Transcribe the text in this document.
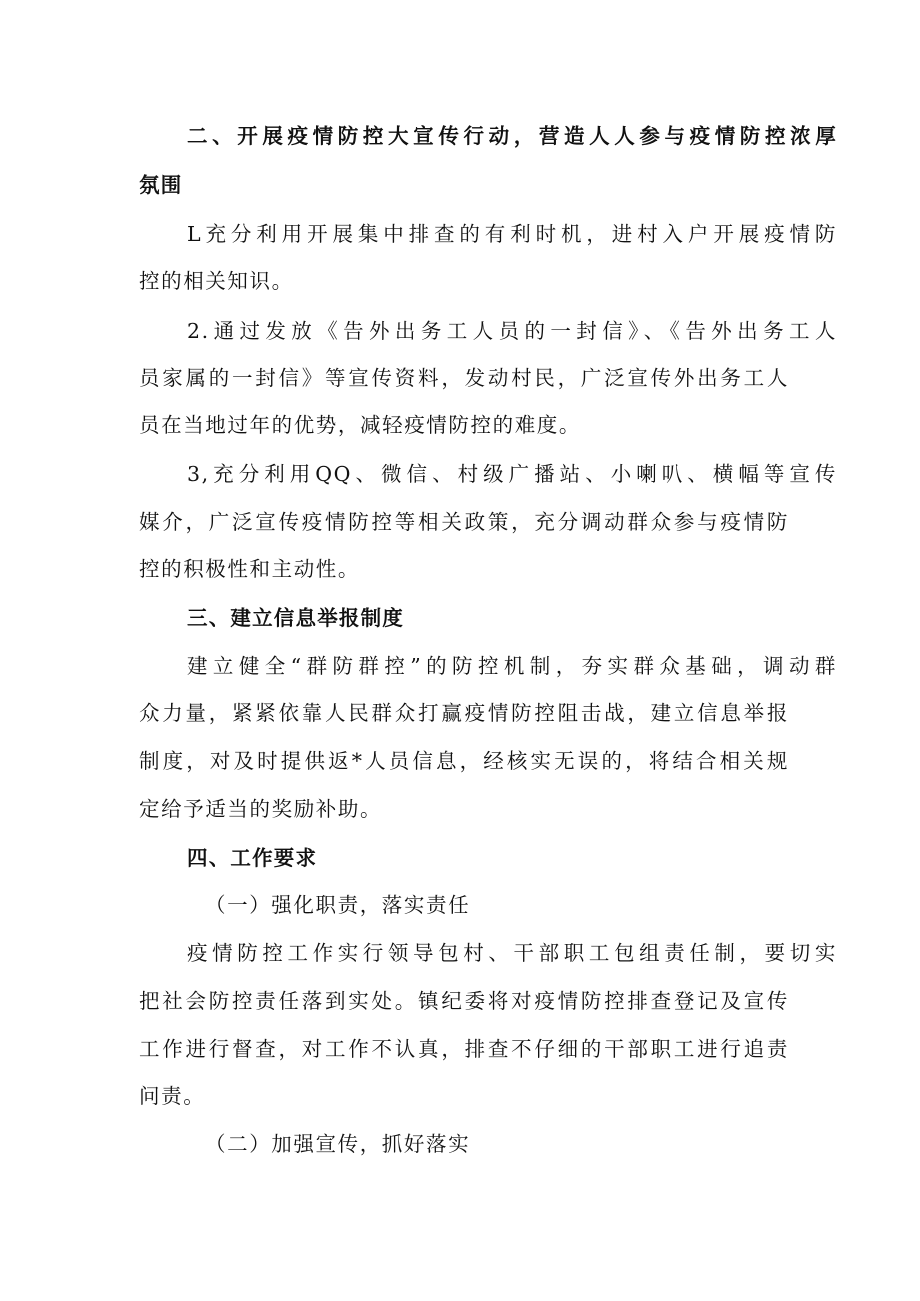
二、开展疫情防控大宣传行动，营造人人参与疫情防控浓厚

氛围

L充分利用开展集中排查的有利时机，进村入户开展疫情防

控的相关知识。

2.通过发放《告外出务工人员的一封信》、《告外出务工人

员家属的一封信》等宣传资料，发动村民，广泛宣传外出务工人

员在当地过年的优势，减轻疫情防控的难度。

3,充分利用QQ、微信、村级广播站、小喇叭、横幅等宣传

媒介，广泛宣传疫情防控等相关政策，充分调动群众参与疫情防

控的积极性和主动性。

三、建立信息举报制度

建立健全“群防群控”的防控机制，夯实群众基础，调动群

众力量，紧紧依靠人民群众打赢疫情防控阻击战，建立信息举报

制度，对及时提供返*人员信息，经核实无误的，将结合相关规

定给予适当的奖励补助。

四、工作要求

（一）强化职责，落实责任

疫情防控工作实行领导包村、干部职工包组责任制，要切实

把社会防控责任落到实处。镇纪委将对疫情防控排查登记及宣传

工作进行督查，对工作不认真，排查不仔细的干部职工进行追责

问责。

（二）加强宣传，抓好落实
